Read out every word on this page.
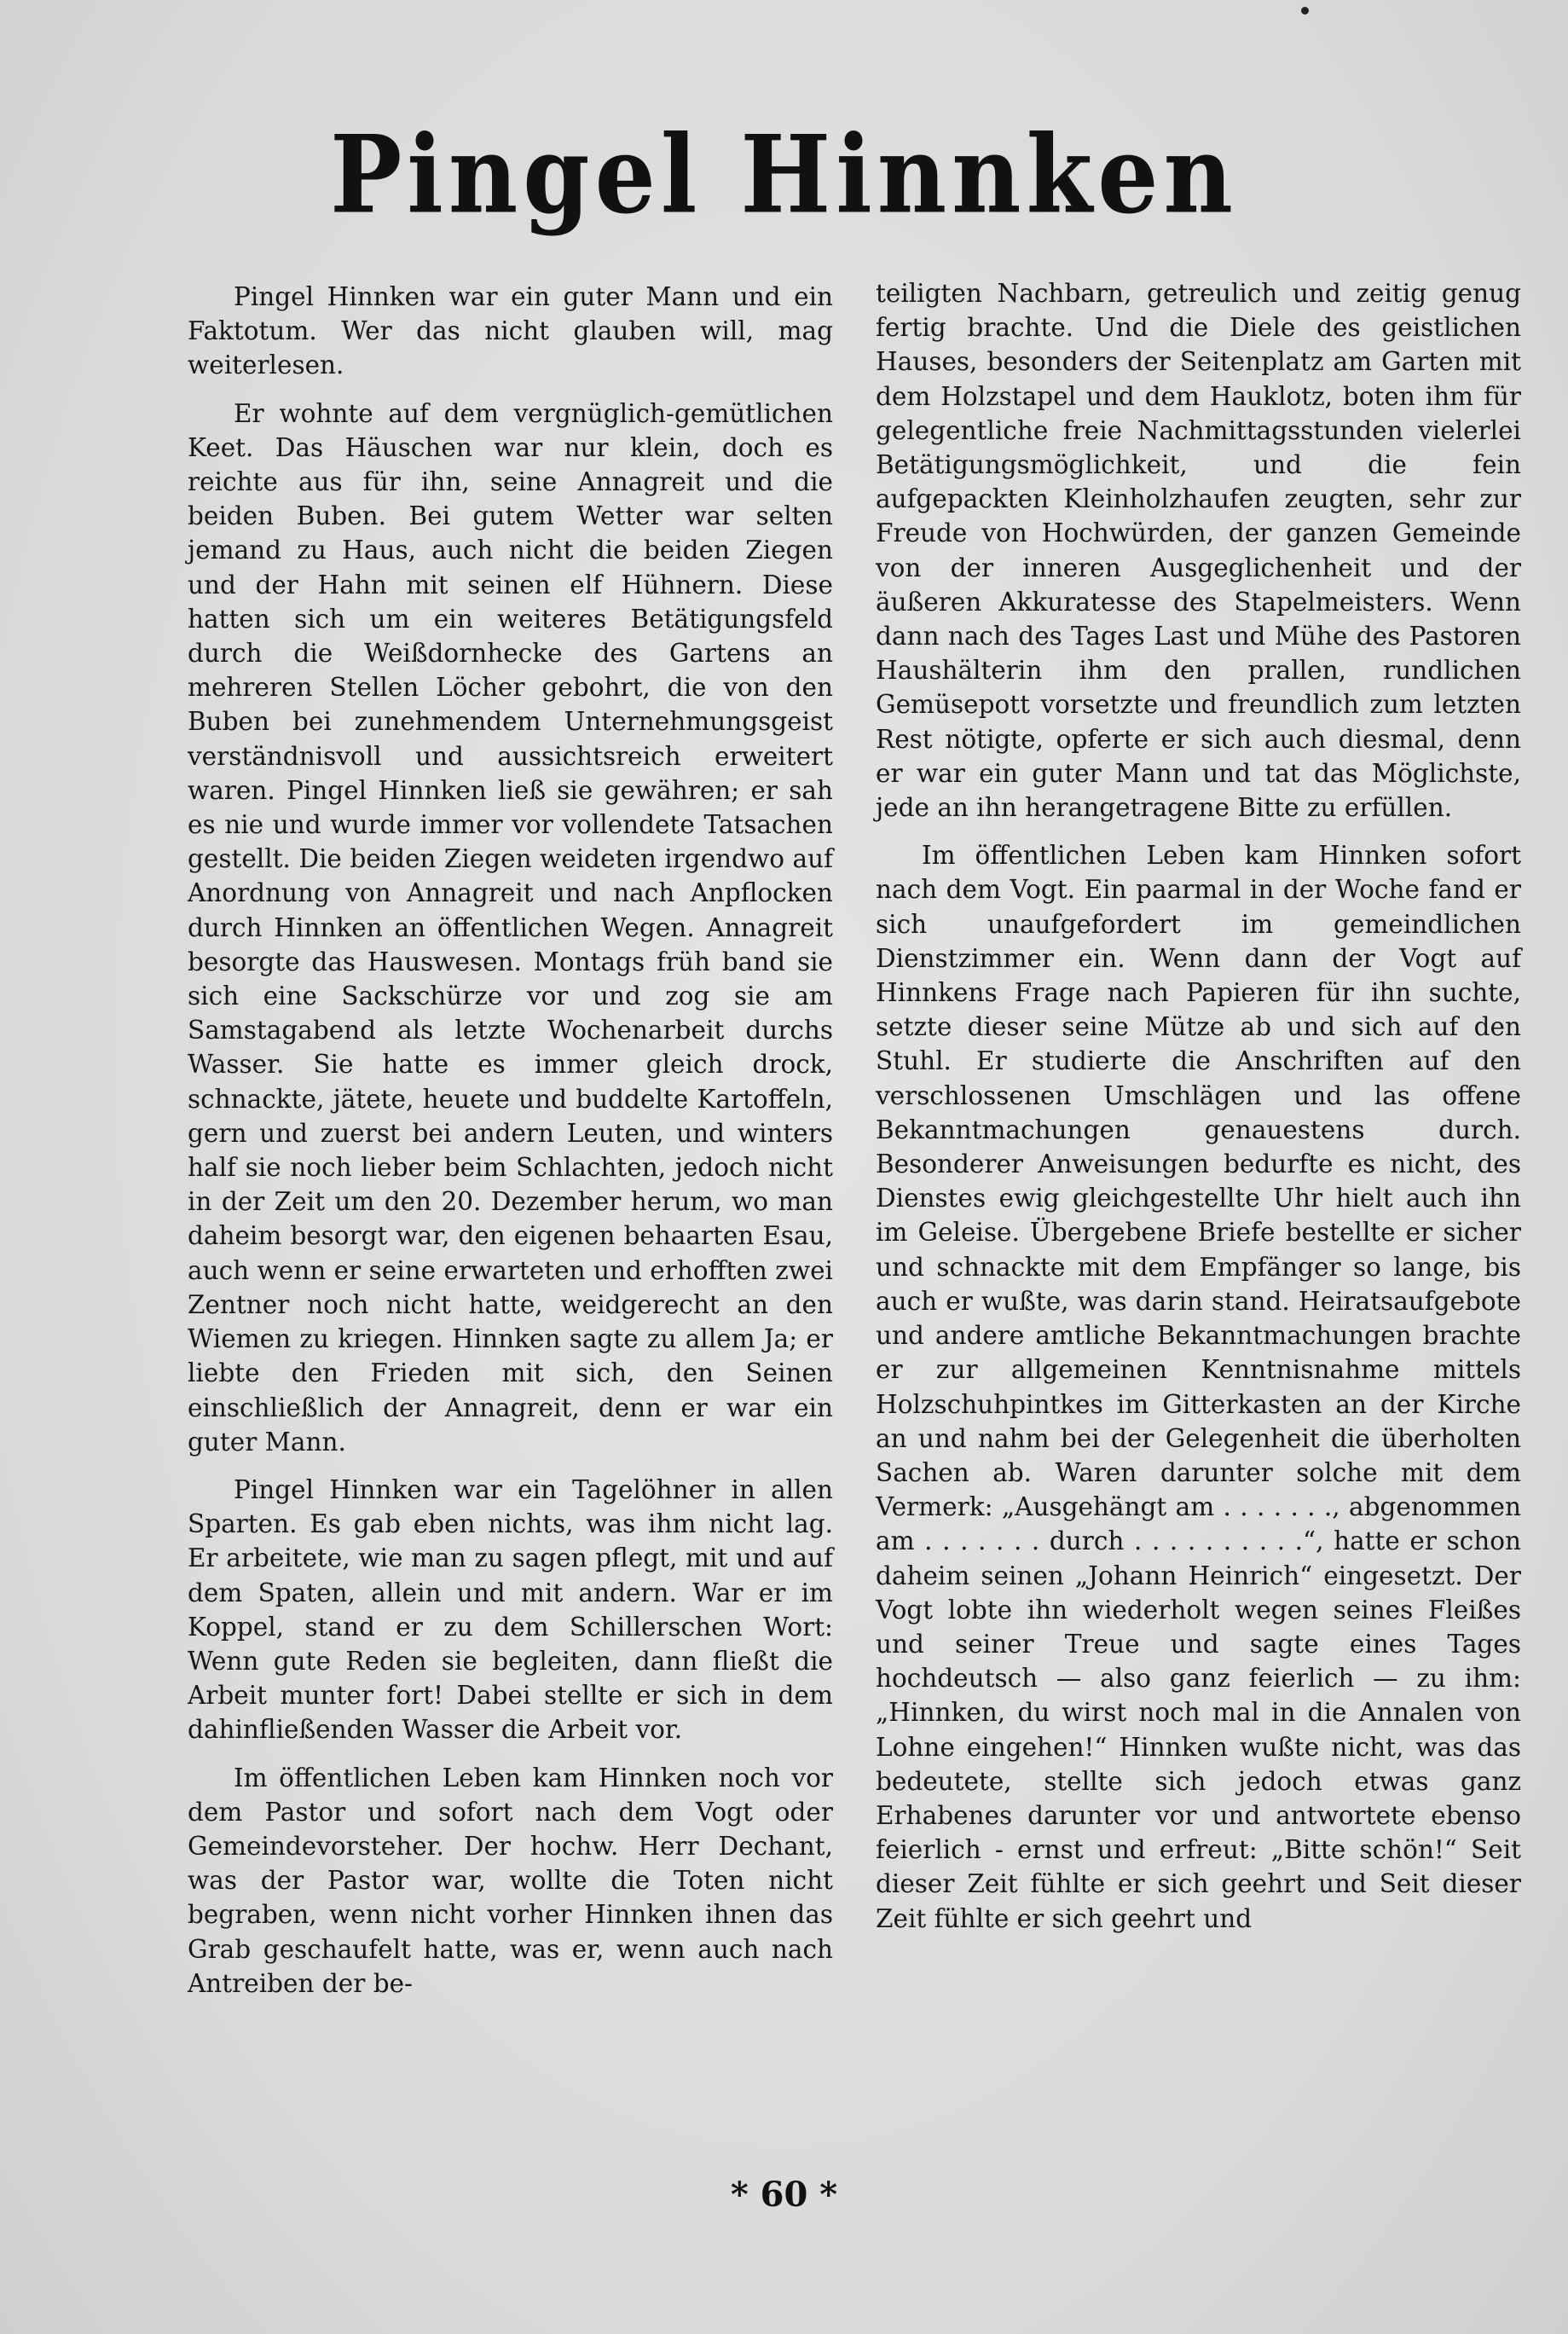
Pingel Hinnken

Pingel Hinnken war ein guter Mann und ein Faktotum. Wer das nicht glauben will, mag weiterlesen.

Er wohnte auf dem vergnüglich-gemütlichen Keet. Das Häuschen war nur klein, doch es reichte aus für ihn, seine Annagreit und die beiden Buben. Bei gutem Wetter war selten jemand zu Haus, auch nicht die beiden Ziegen und der Hahn mit seinen elf Hühnern. Diese hatten sich um ein weiteres Betätigungsfeld durch die Weißdornhecke des Gartens an mehreren Stellen Löcher gebohrt, die von den Buben bei zunehmendem Unternehmungsgeist verständnisvoll und aussichtsreich erweitert waren. Pingel Hinnken ließ sie gewähren; er sah es nie und wurde immer vor vollendete Tatsachen gestellt. Die beiden Ziegen weideten irgendwo auf Anordnung von Annagreit und nach Anpflocken durch Hinnken an öffentlichen Wegen. Annagreit besorgte das Hauswesen. Montags früh band sie sich eine Sackschürze vor und zog sie am Samstagabend als letzte Wochenarbeit durchs Wasser. Sie hatte es immer gleich drock, schnackte, jätete, heuete und buddelte Kartoffeln, gern und zuerst bei andern Leuten, und winters half sie noch lieber beim Schlachten, jedoch nicht in der Zeit um den 20. Dezember herum, wo man daheim besorgt war, den eigenen behaarten Esau, auch wenn er seine erwarteten und erhofften zwei Zentner noch nicht hatte, weidgerecht an den Wiemen zu kriegen. Hinnken sagte zu allem Ja; er liebte den Frieden mit sich, den Seinen einschließlich der Annagreit, denn er war ein guter Mann.

Pingel Hinnken war ein Tagelöhner in allen Sparten. Es gab eben nichts, was ihm nicht lag. Er arbeitete, wie man zu sagen pflegt, mit und auf dem Spaten, allein und mit andern. War er im Koppel, stand er zu dem Schillerschen Wort: Wenn gute Reden sie begleiten, dann fließt die Arbeit munter fort! Dabei stellte er sich in dem dahinfließenden Wasser die Arbeit vor.

Im öffentlichen Leben kam Hinnken noch vor dem Pastor und sofort nach dem Vogt oder Gemeindevorsteher. Der hochw. Herr Dechant, was der Pastor war, wollte die Toten nicht begraben, wenn nicht vorher Hinnken ihnen das Grab geschaufelt hatte, was er, wenn auch nach Antreiben der be-

teiligten Nachbarn, getreulich und zeitig genug fertig brachte. Und die Diele des geistlichen Hauses, besonders der Seitenplatz am Garten mit dem Holzstapel und dem Hauklotz, boten ihm für gelegentliche freie Nachmittagsstunden vielerlei Betätigungsmöglichkeit, und die fein aufgepackten Kleinholzhaufen zeugten, sehr zur Freude von Hochwürden, der ganzen Gemeinde von der inneren Ausgeglichenheit und der äußeren Akkuratesse des Stapelmeisters. Wenn dann nach des Tages Last und Mühe des Pastoren Haushälterin ihm den prallen, rundlichen Gemüsepott vorsetzte und freundlich zum letzten Rest nötigte, opferte er sich auch diesmal, denn er war ein guter Mann und tat das Möglichste, jede an ihn herangetragene Bitte zu erfüllen.

Im öffentlichen Leben kam Hinnken sofort nach dem Vogt. Ein paarmal in der Woche fand er sich unaufgefordert im gemeindlichen Dienstzimmer ein. Wenn dann der Vogt auf Hinnkens Frage nach Papieren für ihn suchte, setzte dieser seine Mütze ab und sich auf den Stuhl. Er studierte die Anschriften auf den verschlossenen Umschlägen und las offene Bekanntmachungen genauestens durch. Besonderer Anweisungen bedurfte es nicht, des Dienstes ewig gleichgestellte Uhr hielt auch ihn im Geleise. Übergebene Briefe bestellte er sicher und schnackte mit dem Empfänger so lange, bis auch er wußte, was darin stand. Heiratsaufgebote und andere amtliche Bekanntmachungen brachte er zur allgemeinen Kenntnisnahme mittels Holzschuhpintkes im Gitterkasten an der Kirche an und nahm bei der Gelegenheit die überholten Sachen ab. Waren darunter solche mit dem Vermerk: „Ausgehängt am . . . . . . ., abgenommen am . . . . . . . durch . . . . . . . . . .“, hatte er schon daheim seinen „Johann Heinrich“ eingesetzt. Der Vogt lobte ihn wiederholt wegen seines Fleißes und seiner Treue und sagte eines Tages hochdeutsch — also ganz feierlich — zu ihm: „Hinnken, du wirst noch mal in die Annalen von Lohne eingehen!“ Hinnken wußte nicht, was das bedeutete, stellte sich jedoch etwas ganz Erhabenes darunter vor und antwortete ebenso feierlich - ernst und erfreut: „Bitte schön!“ Seit dieser Zeit fühlte er sich geehrt und Seit dieser Zeit fühlte er sich geehrt und

* 60 *
